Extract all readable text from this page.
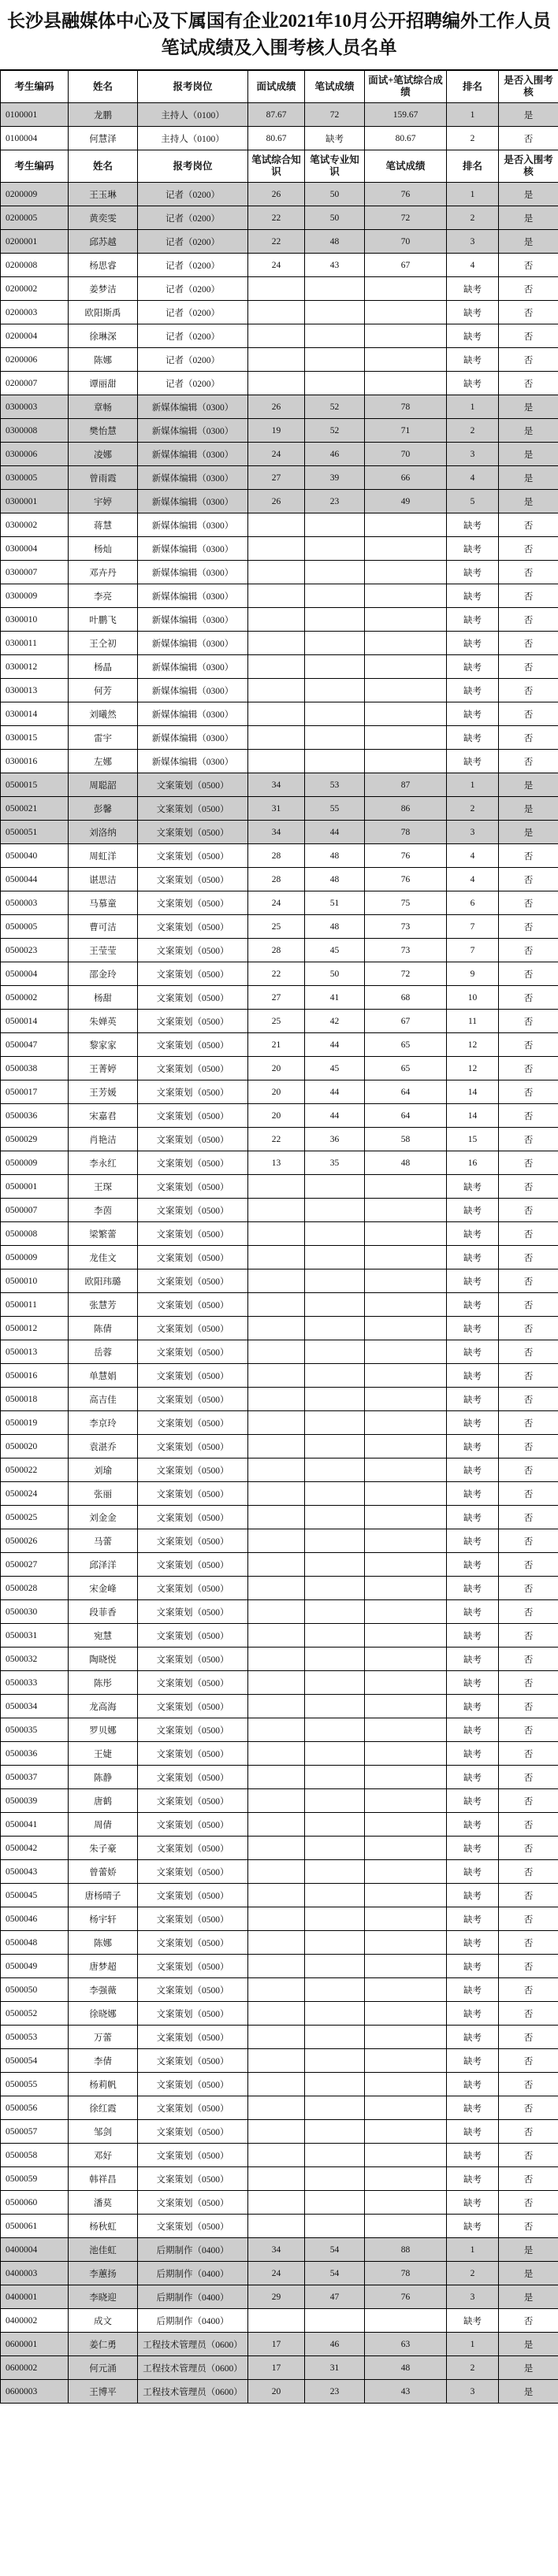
长沙县融媒体中心及下属国有企业2021年10月公开招聘编外工作人员
笔试成绩及入围考核人员名单
考生编码	姓名	报考岗位	面试成绩	笔试成绩	面试+笔试综合成绩	排名	是否入围考核
0100001	龙鹏	主持人（0100）	87.67	72	159.67	1	是
0100004	何慧泽	主持人（0100）	80.67	缺考	80.67	2	否
考生编码	姓名	报考岗位	笔试综合知识	笔试专业知识	笔试成绩	排名	是否入围考核
0200009	王玉琳	记者（0200）	26	50	76	1	是
0200005	黄奕雯	记者（0200）	22	50	72	2	是
0200001	邱苏越	记者（0200）	22	48	70	3	是
0200008	杨思睿	记者（0200）	24	43	67	4	否
0200002	姜梦洁	记者（0200）				缺考	否
0200003	欧阳斯禹	记者（0200）				缺考	否
0200004	徐琳深	记者（0200）				缺考	否
0200006	陈娜	记者（0200）				缺考	否
0200007	谭丽甜	记者（0200）				缺考	否
0300003	章畅	新媒体编辑（0300）	26	52	78	1	是
0300008	樊怡慧	新媒体编辑（0300）	19	52	71	2	是
0300006	凌娜	新媒体编辑（0300）	24	46	70	3	是
0300005	曾雨霞	新媒体编辑（0300）	27	39	66	4	是
0300001	宇婷	新媒体编辑（0300）	26	23	49	5	是
0300002	蒋慧	新媒体编辑（0300）				缺考	否
0300004	杨灿	新媒体编辑（0300）				缺考	否
0300007	邓卉丹	新媒体编辑（0300）				缺考	否
0300009	李亮	新媒体编辑（0300）				缺考	否
0300010	叶鹏飞	新媒体编辑（0300）				缺考	否
0300011	王仝初	新媒体编辑（0300）				缺考	否
0300012	杨晶	新媒体编辑（0300）				缺考	否
0300013	何芳	新媒体编辑（0300）				缺考	否
0300014	刘曦然	新媒体编辑（0300）				缺考	否
0300015	雷宇	新媒体编辑（0300）				缺考	否
0300016	左娜	新媒体编辑（0300）				缺考	否
0500015	周聪韶	文案策划（0500）	34	53	87	1	是
0500021	彭馨	文案策划（0500）	31	55	86	2	是
0500051	刘洛纳	文案策划（0500）	34	44	78	3	是
0500040	周虹洋	文案策划（0500）	28	48	76	4	否
0500044	谌思洁	文案策划（0500）	28	48	76	4	否
0500003	马慕童	文案策划（0500）	24	51	75	6	否
0500005	曹可洁	文案策划（0500）	25	48	73	7	否
0500023	王莹莹	文案策划（0500）	28	45	73	7	否
0500004	邵金玲	文案策划（0500）	22	50	72	9	否
0500002	杨甜	文案策划（0500）	27	41	68	10	否
0500014	朱婵英	文案策划（0500）	25	42	67	11	否
0500047	黎家家	文案策划（0500）	21	44	65	12	否
0500038	王菁婷	文案策划（0500）	20	45	65	12	否
0500017	王芳媛	文案策划（0500）	20	44	64	14	否
0500036	宋嘉君	文案策划（0500）	20	44	64	14	否
0500029	肖艳洁	文案策划（0500）	22	36	58	15	否
0500009	李永红	文案策划（0500）	13	35	48	16	否
0500001	王琛	文案策划（0500）				缺考	否
0500007	李茵	文案策划（0500）				缺考	否
0500008	梁繁蕾	文案策划（0500）				缺考	否
0500009	龙佳文	文案策划（0500）				缺考	否
0500010	欧阳玮璐	文案策划（0500）				缺考	否
0500011	张慧芳	文案策划（0500）				缺考	否
0500012	陈倩	文案策划（0500）				缺考	否
0500013	岳蓉	文案策划（0500）				缺考	否
0500016	单慧娟	文案策划（0500）				缺考	否
0500018	高吉佳	文案策划（0500）				缺考	否
0500019	李京玲	文案策划（0500）				缺考	否
0500020	袁湛乔	文案策划（0500）				缺考	否
0500022	刘瑜	文案策划（0500）				缺考	否
0500024	张丽	文案策划（0500）				缺考	否
0500025	刘金金	文案策划（0500）				缺考	否
0500026	马蕾	文案策划（0500）				缺考	否
0500027	邱泽洋	文案策划（0500）				缺考	否
0500028	宋金峰	文案策划（0500）				缺考	否
0500030	段菲香	文案策划（0500）				缺考	否
0500031	宛慧	文案策划（0500）				缺考	否
0500032	陶晓悦	文案策划（0500）				缺考	否
0500033	陈彤	文案策划（0500）				缺考	否
0500034	龙高海	文案策划（0500）				缺考	否
0500035	罗贝娜	文案策划（0500）				缺考	否
0500036	王婕	文案策划（0500）				缺考	否
0500037	陈静	文案策划（0500）				缺考	否
0500039	唐鹤	文案策划（0500）				缺考	否
0500041	周倩	文案策划（0500）				缺考	否
0500042	朱子豪	文案策划（0500）				缺考	否
0500043	曾蕾娇	文案策划（0500）				缺考	否
0500045	唐杨晴子	文案策划（0500）				缺考	否
0500046	杨宇轩	文案策划（0500）				缺考	否
0500048	陈娜	文案策划（0500）				缺考	否
0500049	唐梦超	文案策划（0500）				缺考	否
0500050	李强薇	文案策划（0500）				缺考	否
0500052	徐晓娜	文案策划（0500）				缺考	否
0500053	万蕾	文案策划（0500）				缺考	否
0500054	李倩	文案策划（0500）				缺考	否
0500055	杨莉帆	文案策划（0500）				缺考	否
0500056	徐红霞	文案策划（0500）				缺考	否
0500057	邹剑	文案策划（0500）				缺考	否
0500058	邓好	文案策划（0500）				缺考	否
0500059	韩祥昌	文案策划（0500）				缺考	否
0500060	潘莫	文案策划（0500）				缺考	否
0500061	杨秋虹	文案策划（0500）				缺考	否
0400004	池佳虹	后期制作（0400）	34	54	88	1	是
0400003	李蕙扬	后期制作（0400）	24	54	78	2	是
0400001	李晓迎	后期制作（0400）	29	47	76	3	是
0400002	成文	后期制作（0400）				缺考	否
0600001	姜仁勇	工程技术管理员（0600）	17	46	63	1	是
0600002	何元涌	工程技术管理员（0600）	17	31	48	2	是
0600003	王博平	工程技术管理员（0600）	20	23	43	3	是
